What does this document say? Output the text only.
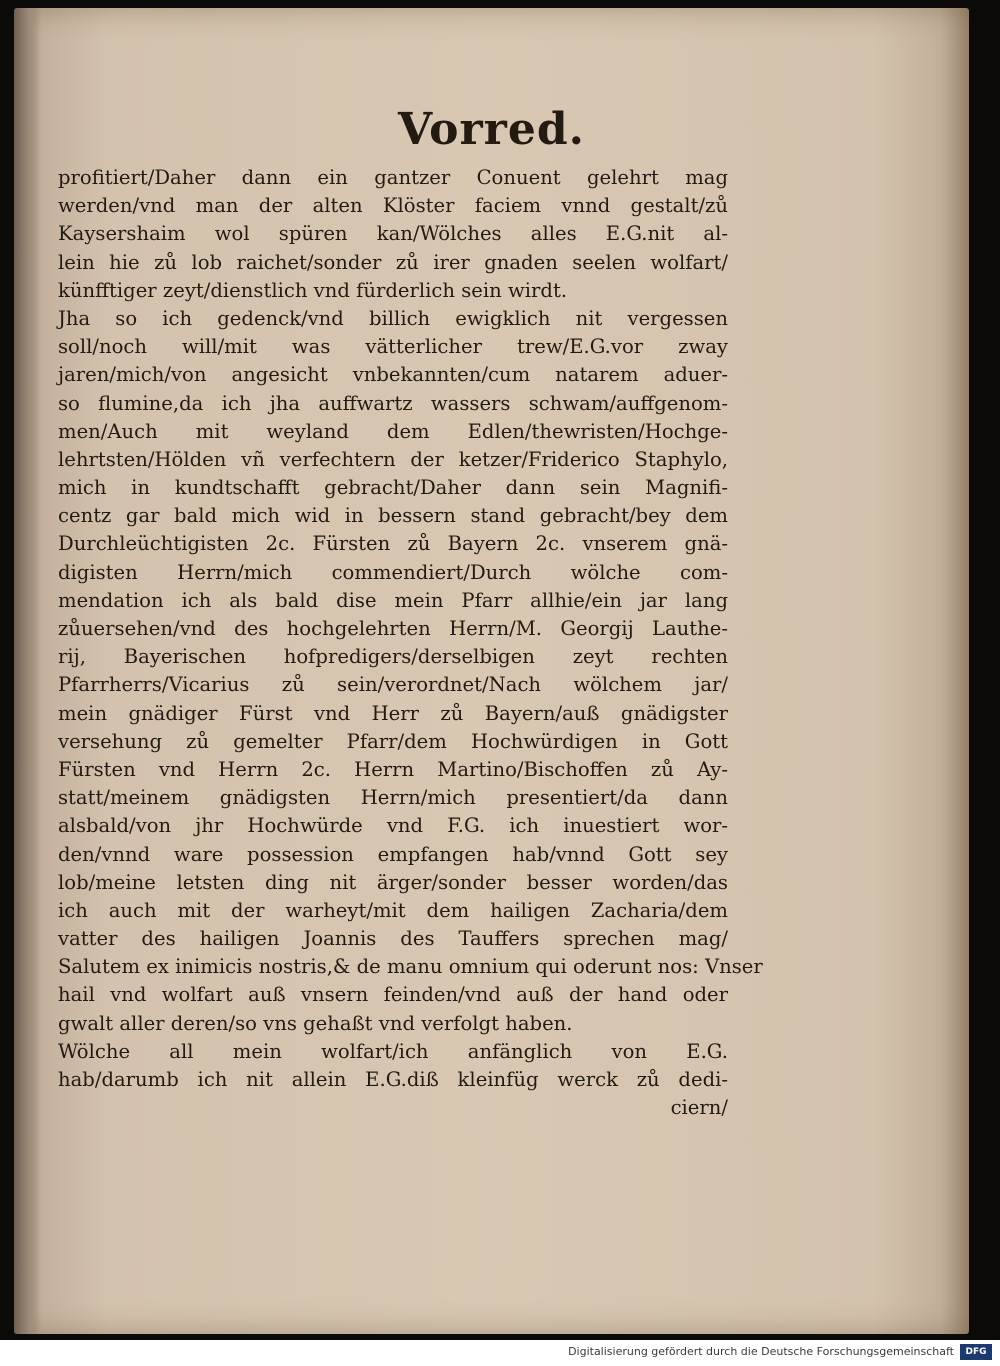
Vorred.
profitiert/Daher dann ein gantzer Conuent gelehrt mag
werden/vnd man der alten Klöster faciem vnnd gestalt/zů
Kaysershaim wol spüren kan/Wölches alles E.G.nit al-
lein hie zů lob raichet/sonder zů irer gnaden seelen wolfart/
künfftiger zeyt/dienstlich vnd fürderlich sein wirdt.
Jha so ich gedenck/vnd billich ewigklich nit vergessen
soll/noch will/mit was vätterlicher trew/E.G.vor zway
jaren/mich/von angesicht vnbekannten/cum natarem aduer-
so flumine,da ich jha auffwartz wassers schwam/auffgenom-
men/Auch mit weyland dem Edlen/thewristen/Hochge-
lehrtsten/Hölden vñ verfechtern der ketzer/Friderico Staphylo,
mich in kundtschafft gebracht/Daher dann sein Magnifi-
centz gar bald mich wid in bessern stand gebracht/bey dem
Durchleüchtigisten 2c. Fürsten zů Bayern 2c. vnserem gnä-
digisten Herrn/mich commendiert/Durch wölche com-
mendation ich als bald dise mein Pfarr allhie/ein jar lang
zůuersehen/vnd des hochgelehrten Herrn/M. Georgij Lauthe-
rij, Bayerischen hofpredigers/derselbigen zeyt rechten
Pfarrherrs/Vicarius zů sein/verordnet/Nach wölchem jar/
mein gnädiger Fürst vnd Herr zů Bayern/auß gnädigster
versehung zů gemelter Pfarr/dem Hochwürdigen in Gott
Fürsten vnd Herrn 2c. Herrn Martino/Bischoffen zů Ay-
statt/meinem gnädigsten Herrn/mich presentiert/da dann
alsbald/von jhr Hochwürde vnd F.G. ich inuestiert wor-
den/vnnd ware possession empfangen hab/vnnd Gott sey
lob/meine letsten ding nit ärger/sonder besser worden/das
ich auch mit der warheyt/mit dem hailigen Zacharia/dem
vatter des hailigen Joannis des Tauffers sprechen mag/
Salutem ex inimicis nostris,& de manu omnium qui oderunt nos: Vnser
hail vnd wolfart auß vnsern feinden/vnd auß der hand oder
gwalt aller deren/so vns gehaßt vnd verfolgt haben.
Wölche all mein wolfart/ich anfänglich von E.G.
hab/darumb ich nit allein E.G.diß kleinfüg werck zů dedi-
ciern/
Digitalisierung gefördert durch die Deutsche Forschungsgemeinschaft	DFG
